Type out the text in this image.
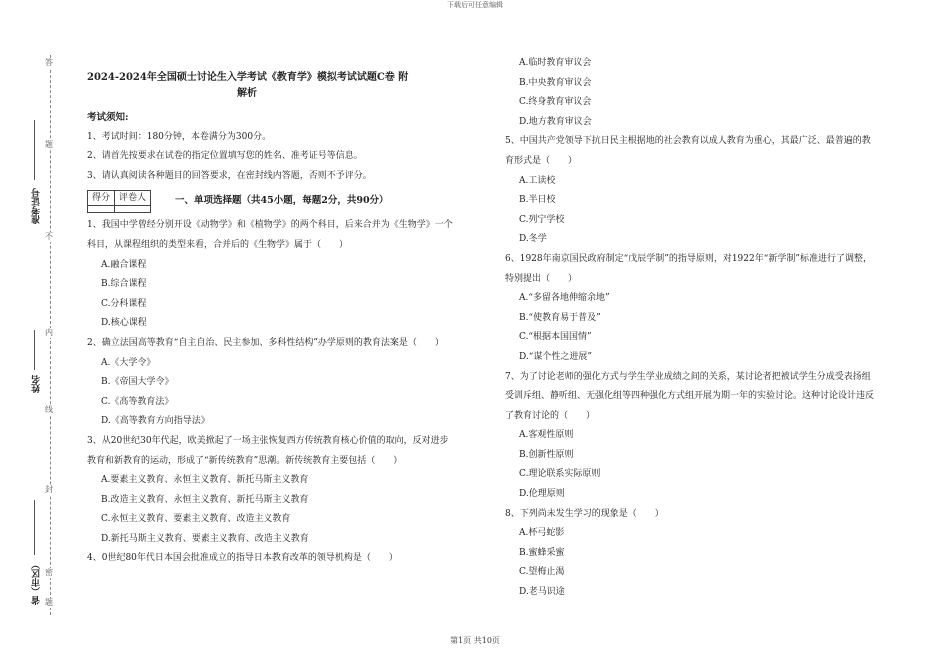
下载后可任意编辑
答
题
不
内
线
封
密
题
准考证号
姓名
省（市区）
2024-2024年全国硕士讨论生入学考试《教育学》模拟考试试题C卷 附
解析
考试须知:
1、考试时间：180分钟，本卷满分为300分。
2、请首先按要求在试卷的指定位置填写您的姓名、准考证号等信息。
3、请认真阅读各种题目的回答要求，在密封线内答题，否则不予评分。
得分	评卷人
		一、单项选择题（共45小题，每题2分，共90分）
1、我国中学曾经分别开设《动物学》和《植物学》的两个科目，后来合并为《生物学》一个
科目，从课程组织的类型来看，合并后的《生物学》属于（　　）
A.融合课程
B.综合课程
C.分科课程
D.核心课程
2、确立法国高等教育“自主自治、民主参加、多科性结构”办学原则的教育法案是（　　）
A.《大学令》
B.《帝国大学令》
C.《高等教育法》
D.《高等教育方向指导法》
3、从20世纪30年代起，欧美掀起了一场主张恢复西方传统教育核心价值的取向，反对进步
教育和新教育的运动，形成了“新传统教育”思潮。新传统教育主要包括（　　）
A.要素主义教育、永恒主义教育、新托马斯主义教育
B.改造主义教育、永恒主义教育、新托马斯主义教育
C.永恒主义教育、要素主义教育、改造主义教育
D.新托马斯主义教育、要素主义教育、改造主义教育
4、0世纪80年代日本国会批准成立的指导日本教育改革的领导机构是（　　）
A.临时教育审议会
B.中央教育审议会
C.终身教育审议会
D.地方教育审议会
5、中国共产党领导下抗日民主根据地的社会教育以成人教育为重心，其最广泛、最普遍的教
育形式是（　　）
A.工读校
B.半日校
C.列宁学校
D.冬学
6、1928年南京国民政府制定“戊辰学制”的指导原则，对1922年“新学制”标准进行了调整，
特别提出（　　）
A.“多留各地伸缩余地”
B.“使教育易于普及”
C.“根据本国国情”
D.“谋个性之进展”
7、为了讨论老师的强化方式与学生学业成绩之间的关系，某讨论者把被试学生分成受表扬组
受训斥组、静听组、无强化组等四种强化方式组开展为期一年的实验讨论。这种讨论设计违反
了教育讨论的（　　）
A.客观性原则
B.创新性原则
C.理论联系实际原则
D.伦理原则
8、下列尚未发生学习的现象是（　　）
A.杯弓蛇影
B.蜜蜂采蜜
C.望梅止渴
D.老马识途
第1页 共10页
